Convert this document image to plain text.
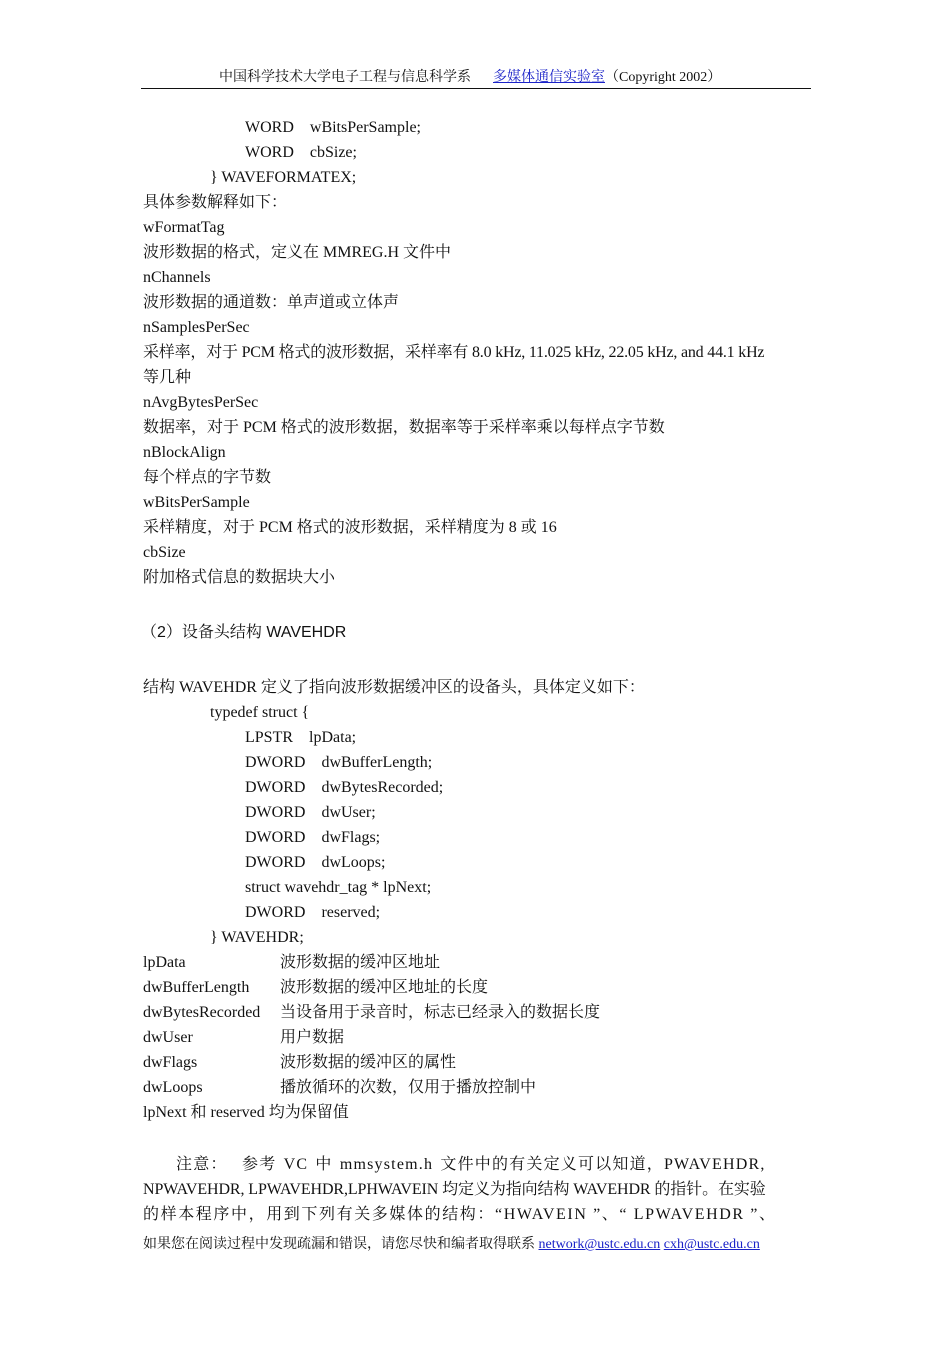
中国科学技术大学电子工程与信息科学系 多媒体通信实验室（Copyright 2002）
WORD    wBitsPerSample;
WORD    cbSize;
} WAVEFORMATEX;
具体参数解释如下：
wFormatTag
波形数据的格式，定义在 MMREG.H 文件中
nChannels
波形数据的通道数：单声道或立体声
nSamplesPerSec
采样率，对于 PCM 格式的波形数据，采样率有 8.0 kHz, 11.025 kHz, 22.05 kHz, and 44.1 kHz
等几种
nAvgBytesPerSec
数据率，对于 PCM 格式的波形数据，数据率等于采样率乘以每样点字节数
nBlockAlign
每个样点的字节数
wBitsPerSample
采样精度，对于 PCM 格式的波形数据，采样精度为 8 或 16
cbSize
附加格式信息的数据块大小
（2）设备头结构 WAVEHDR
结构 WAVEHDR 定义了指向波形数据缓冲区的设备头，具体定义如下：
typedef struct {
LPSTR    lpData;
DWORD    dwBufferLength;
DWORD    dwBytesRecorded;
DWORD    dwUser;
DWORD    dwFlags;
DWORD    dwLoops;
struct wavehdr_tag * lpNext;
DWORD    reserved;
} WAVEHDR;
lpData	波形数据的缓冲区地址
dwBufferLength 波形数据的缓冲区地址的长度
dwBytesRecorded 当设备用于录音时，标志已经录入的数据长度
dwUser	用户数据
dwFlags	波形数据的缓冲区的属性
dwLoops	播放循环的次数，仅用于播放控制中
lpNext 和 reserved 均为保留值
注意：  参考 VC 中 mmsystem.h 文件中的有关定义可以知道，PWAVEHDR,
NPWAVEHDR, LPWAVEHDR,LPHWAVEIN 均定义为指向结构 WAVEHDR 的指针。在实验
的样本程序中，用到下列有关多媒体的结构：“HWAVEIN ”、“ LPWAVEHDR ”、
如果您在阅读过程中发现疏漏和错误，请您尽快和编者取得联系 network@ustc.edu.cn cxh@ustc.edu.cn
